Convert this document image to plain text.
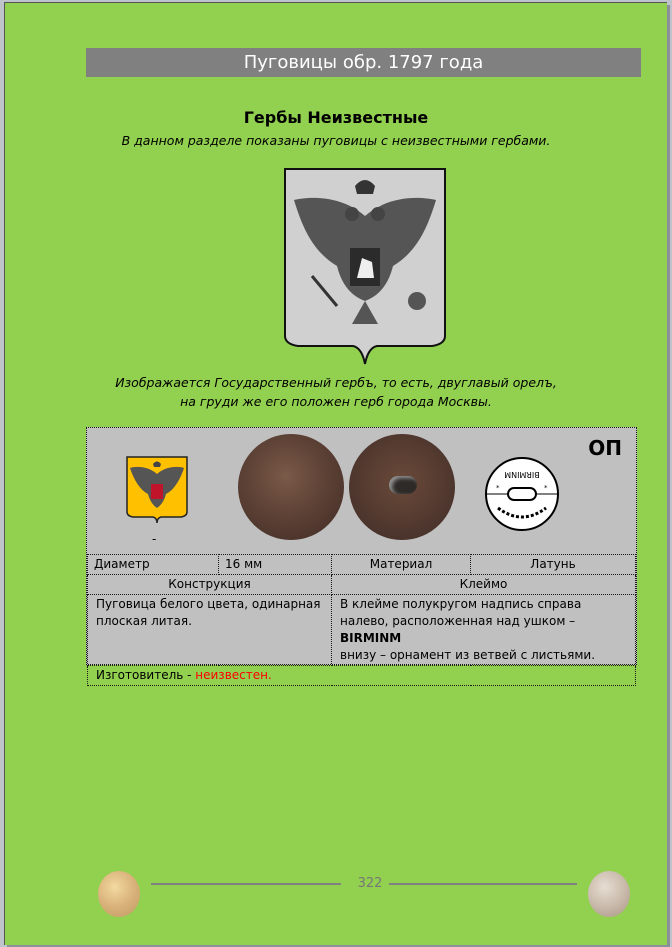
Пуговицы обр. 1797 года
Гербы Неизвестные
В данном разделе показаны пуговицы с неизвестными гербами.
Изображается Государственный гербъ, то есть, двуглавый орелъ,
на груди же его положен герб города Москвы.
ОП
-
BIRMINM
*	*
Диаметр	16 мм	Материал	Латунь
Конструкция		Клеймо	
Пуговица белого цвета, одинарная плоская литая.		В клейме полукругом надпись справа налево, расположенная над ушком – BIRMINM
внизу – орнамент из ветвей с листьями.	
Изготовитель - неизвестен.			
322
